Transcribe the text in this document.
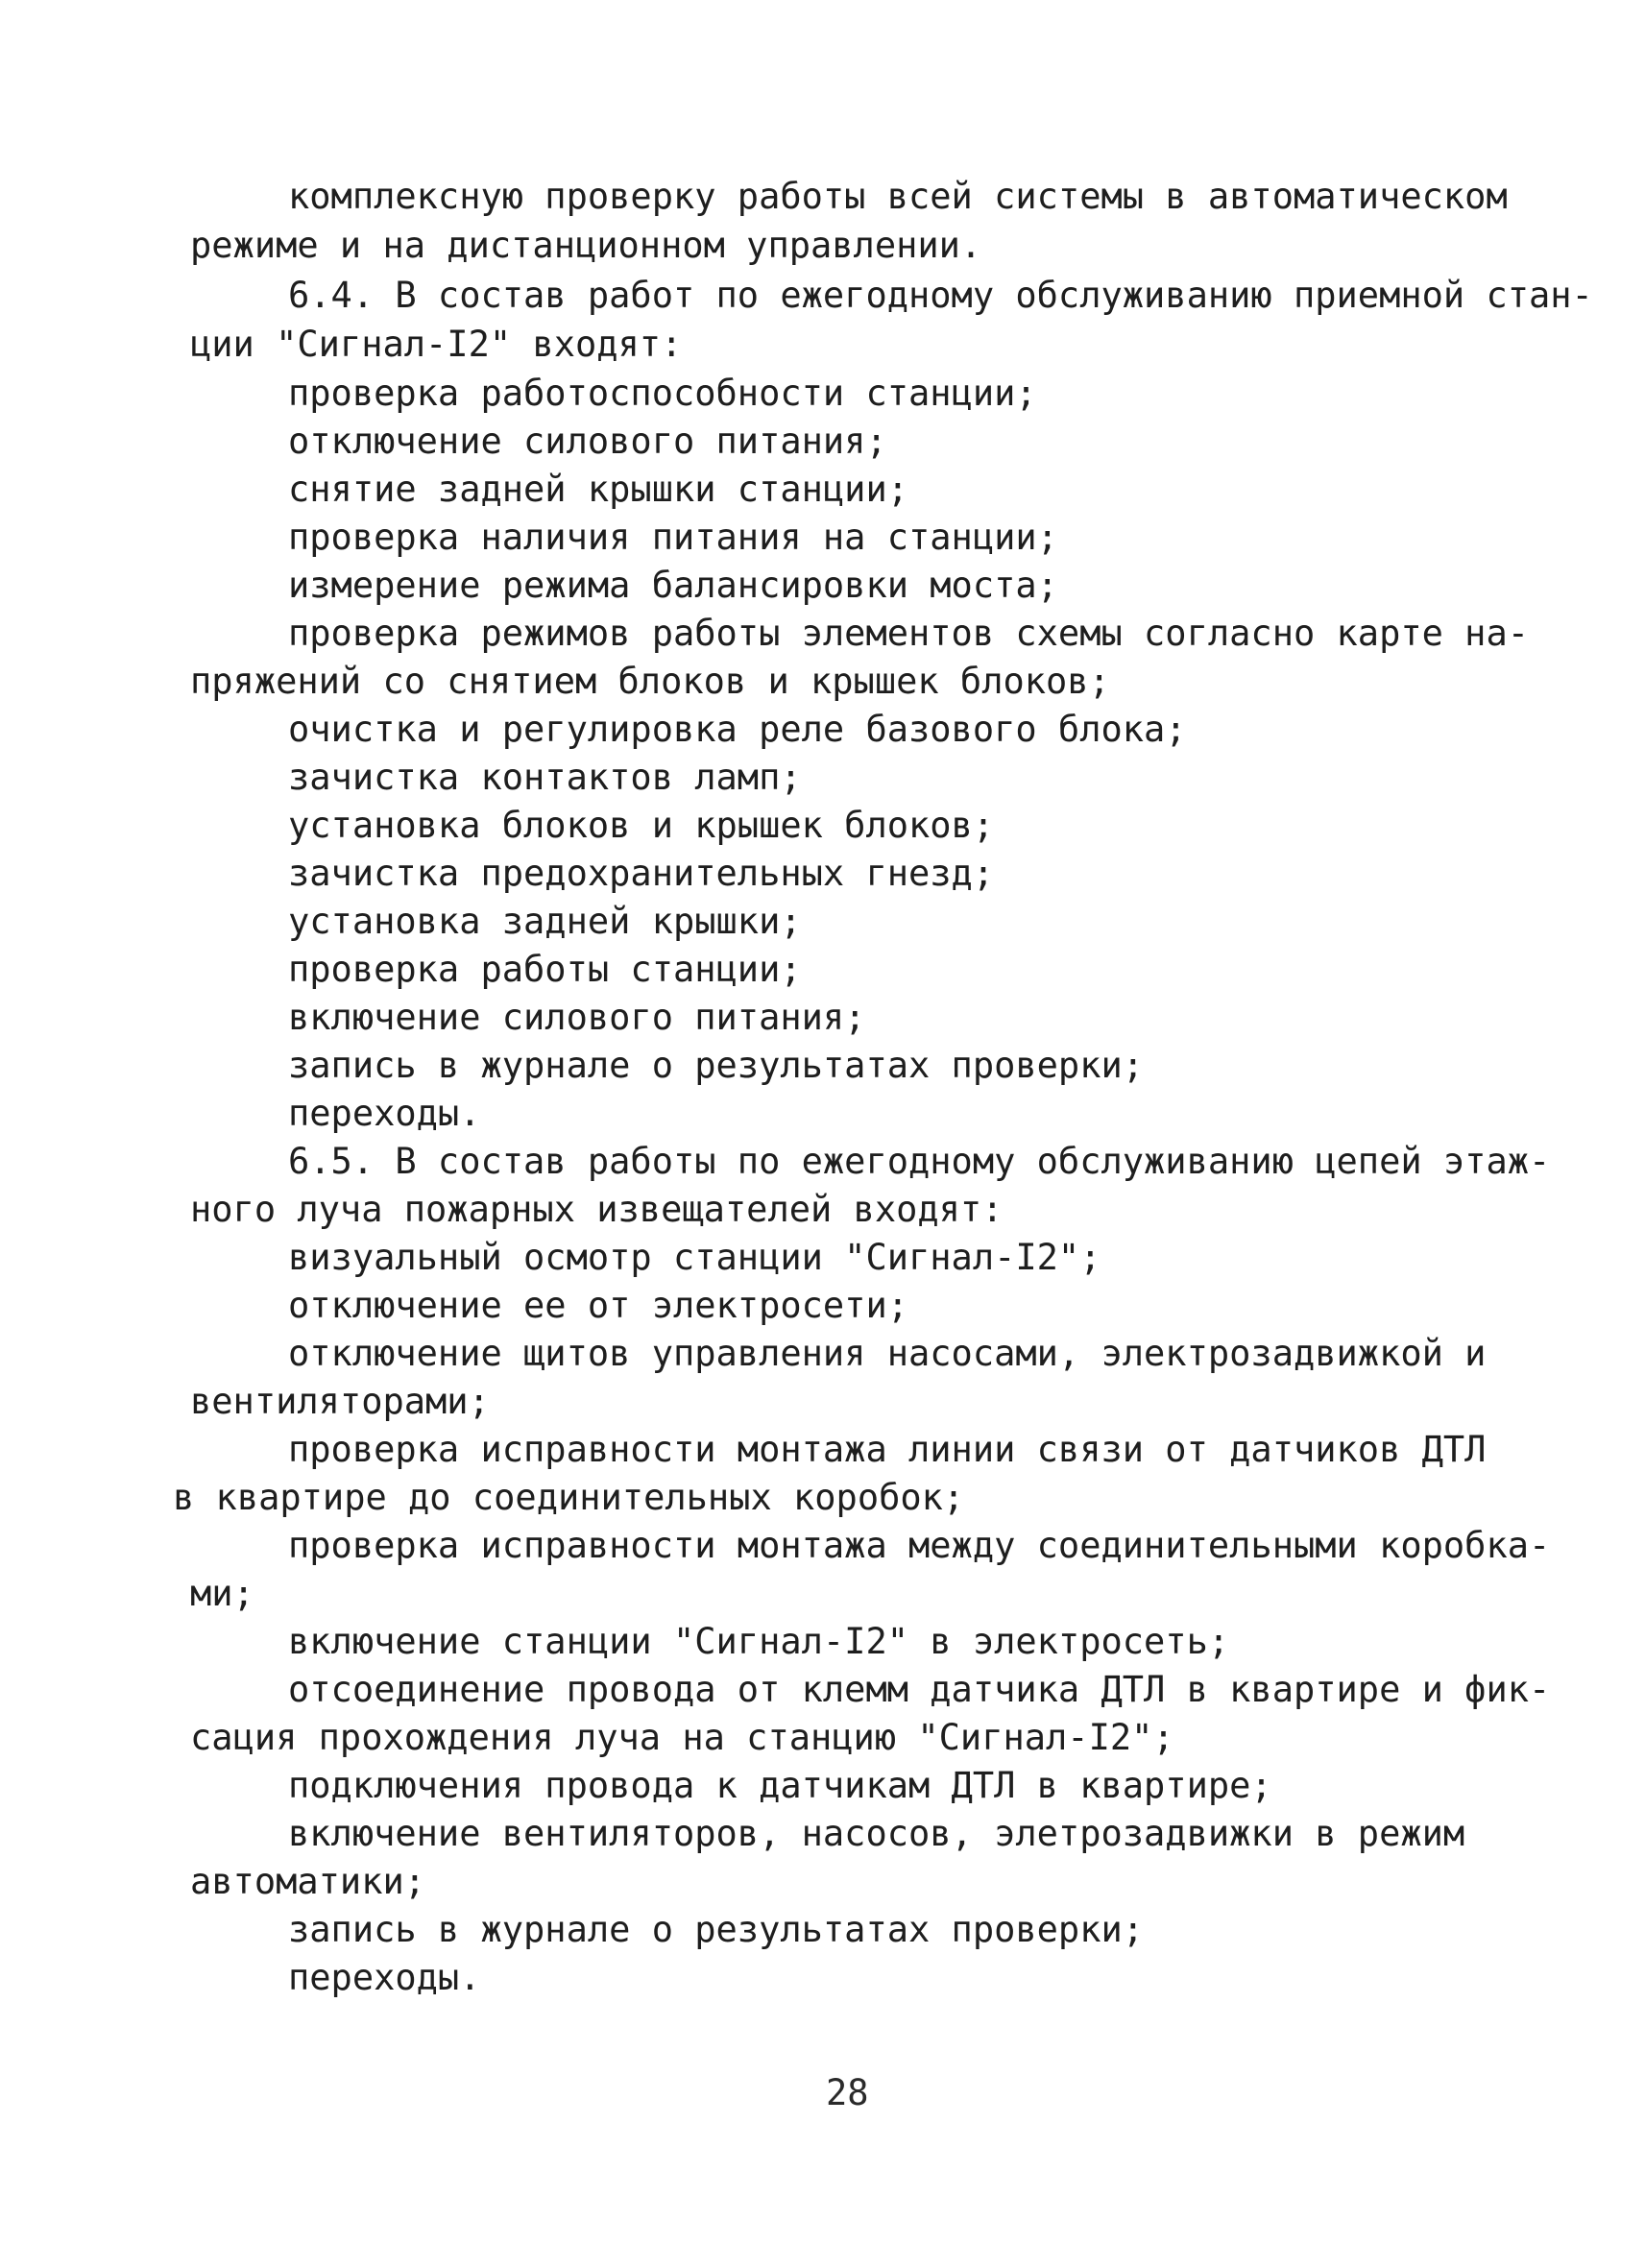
комплексную проверку работы всей системы в автоматическом
режиме и на дистанционном управлении.
6.4. В состав работ по ежегодному обслуживанию приемной стан-
ции "Сигнал-I2" входят:
проверка работоспособности станции;
отключение силового питания;
снятие задней крышки станции;
проверка наличия питания на станции;
измерение режима балансировки моста;
проверка режимов работы элементов схемы согласно карте на-
пряжений со снятием блоков и крышек блоков;
очистка и регулировка реле базового блока;
зачистка контактов ламп;
установка блоков и крышек блоков;
зачистка предохранительных гнезд;
установка задней крышки;
проверка работы станции;
включение силового питания;
запись в журнале о результатах проверки;
переходы.
6.5. В состав работы по ежегодному обслуживанию цепей этаж-
ного луча пожарных извещателей входят:
визуальный осмотр станции "Сигнал-I2";
отключение ее от электросети;
отключение щитов управления насосами, электрозадвижкой и
вентиляторами;
проверка исправности монтажа линии связи от датчиков ДТЛ
в квартире до соединительных коробок;
проверка исправности монтажа между соединительными коробка-
ми;
включение станции "Сигнал-I2" в электросеть;
отсоединение провода от клемм датчика ДТЛ в квартире и фик-
сация прохождения луча на станцию "Сигнал-I2";
подключения провода к датчикам ДТЛ в квартире;
включение вентиляторов, насосов, элетрозадвижки в режим
автоматики;
запись в журнале о результатах проверки;
переходы.
28
